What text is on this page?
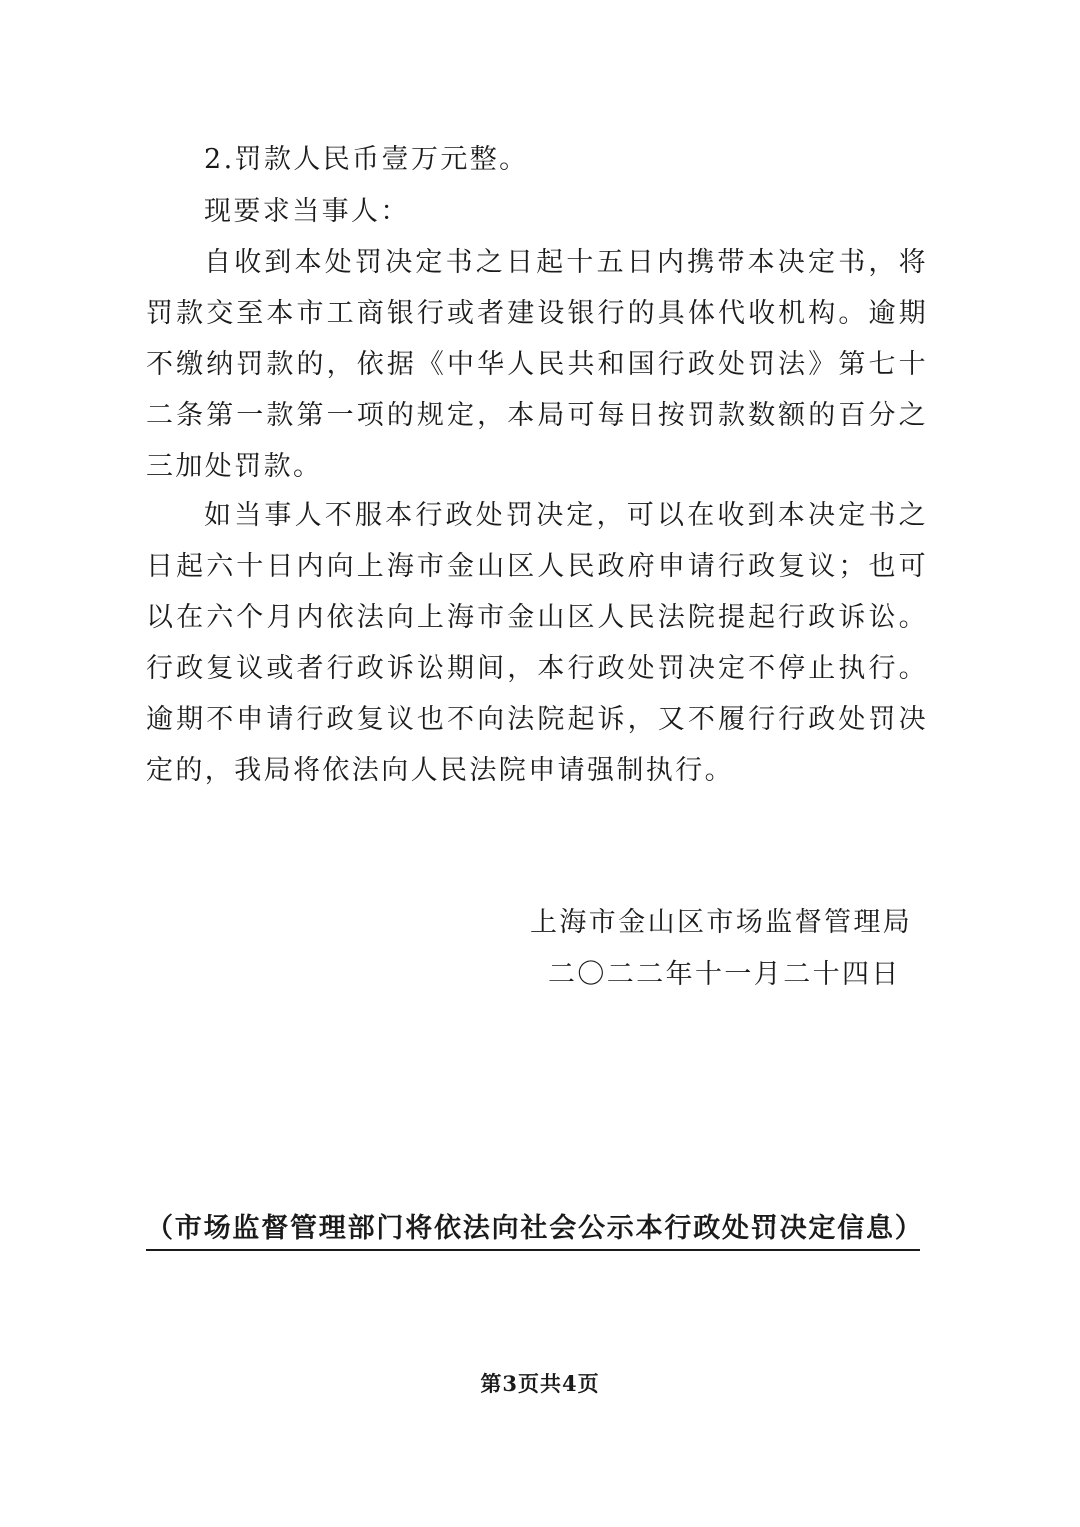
2.罚款人民币壹万元整。

现要求当事人：

自收到本处罚决定书之日起十五日内携带本决定书，将罚款交至本市工商银行或者建设银行的具体代收机构。逾期不缴纳罚款的，依据《中华人民共和国行政处罚法》第七十二条第一款第一项的规定，本局可每日按罚款数额的百分之三加处罚款。

如当事人不服本行政处罚决定，可以在收到本决定书之日起六十日内向上海市金山区人民政府申请行政复议；也可以在六个月内依法向上海市金山区人民法院提起行政诉讼。行政复议或者行政诉讼期间，本行政处罚决定不停止执行。逾期不申请行政复议也不向法院起诉，又不履行行政处罚决定的，我局将依法向人民法院申请强制执行。

上海市金山区市场监督管理局

二〇二二年十一月二十四日

（市场监督管理部门将依法向社会公示本行政处罚决定信息）

第3页共4页
